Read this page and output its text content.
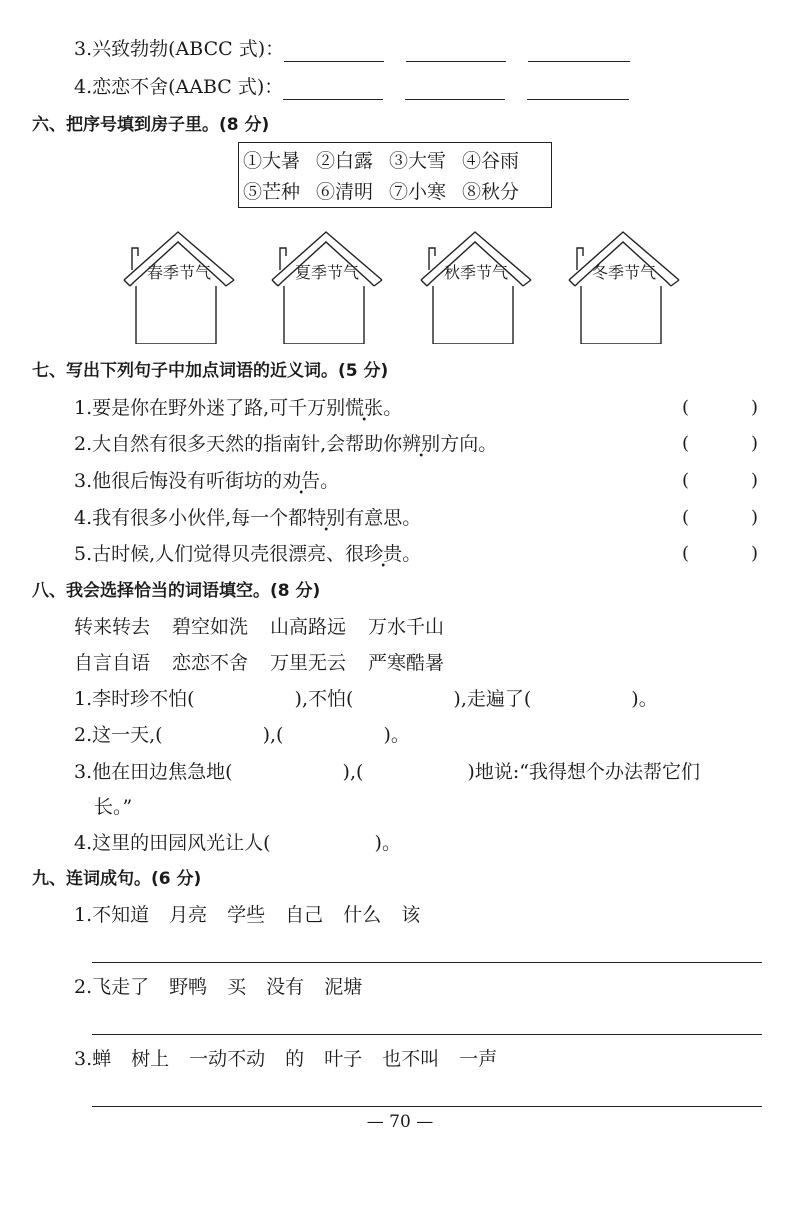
3.兴致勃勃(ABCC 式)：
4.恋恋不舍(AABC 式)：
六、把序号填到房子里。(8 分)
①大暑 ②白露 ③大雪 ④谷雨
⑤芒种 ⑥清明 ⑦小寒 ⑧秋分
春季节气	夏季节气	秋季节气	冬季节气
七、写出下列句子中加点词语的近义词。(5 分)
1.要是你在野外迷了路,可千万别慌张。
2.大自然有很多天然的指南针,会帮助你辨别方向。
3.他很后悔没有听街坊的劝告。
4.我有很多小伙伴,每一个都特别有意思。
5.古时候,人们觉得贝壳很漂亮、很珍贵。
(	)
(	)
(	)
(	)
(	)
八、我会选择恰当的词语填空。(8 分)
转来转去 碧空如洗 山高路远 万水千山
自言自语 恋恋不舍 万里无云 严寒酷暑
1.李时珍不怕(	),不怕(	),走遍了(	)。
2.这一天,(	),(	)。
3.他在田边焦急地(	),(	)地说:“我得想个办法帮它们
长。”
4.这里的田园风光让人(	)。
九、连词成句。(6 分)
1.不知道 月亮 学些 自己 什么 该
2.飞走了 野鸭 买 没有 泥塘
3.蝉 树上 一动不动 的 叶子 也不叫 一声
— 70 —
